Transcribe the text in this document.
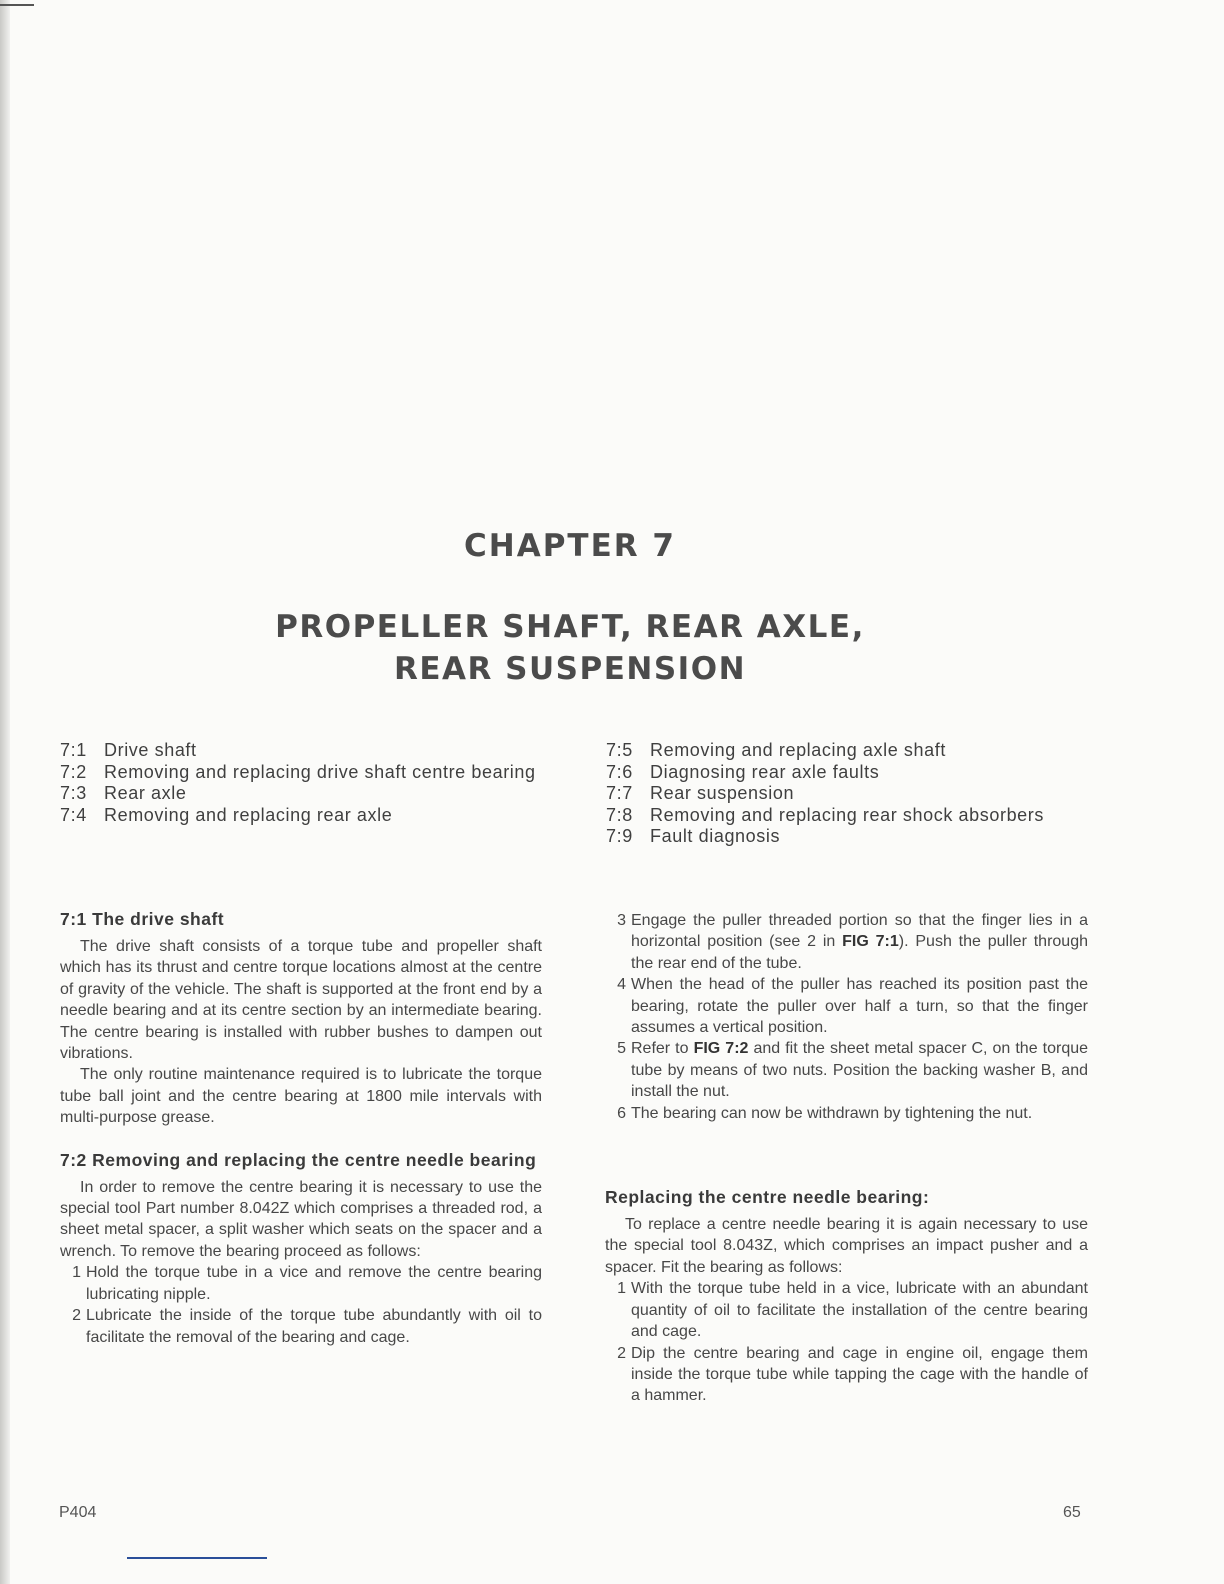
CHAPTER 7
PROPELLER SHAFT, REAR AXLE,
REAR SUSPENSION
7:1 Drive shaft
7:2 Removing and replacing drive shaft centre bearing
7:3 Rear axle
7:4 Removing and replacing rear axle
7:5 Removing and replacing axle shaft
7:6 Diagnosing rear axle faults
7:7 Rear suspension
7:8 Removing and replacing rear shock absorbers
7:9 Fault diagnosis
7:1 The drive shaft

The drive shaft consists of a torque tube and propeller shaft which has its thrust and centre torque locations almost at the centre of gravity of the vehicle. The shaft is supported at the front end by a needle bearing and at its centre section by an intermediate bearing. The centre bearing is installed with rubber bushes to dampen out vibrations.

The only routine maintenance required is to lubricate the torque tube ball joint and the centre bearing at 1800 mile intervals with multi-purpose grease.

7:2 Removing and replacing the centre needle bearing

In order to remove the centre bearing it is necessary to use the special tool Part number 8.042Z which comprises a threaded rod, a sheet metal spacer, a split washer which seats on the spacer and a wrench. To remove the bearing proceed as follows:

1 Hold the torque tube in a vice and remove the centre bearing lubricating nipple.
2 Lubricate the inside of the torque tube abundantly with oil to facilitate the removal of the bearing and cage.
3 Engage the puller threaded portion so that the finger lies in a horizontal position (see 2 in FIG 7:1). Push the puller through the rear end of the tube.
4 When the head of the puller has reached its position past the bearing, rotate the puller over half a turn, so that the finger assumes a vertical position.
5 Refer to FIG 7:2 and fit the sheet metal spacer C, on the torque tube by means of two nuts. Position the backing washer B, and install the nut.
6 The bearing can now be withdrawn by tightening the nut.
Replacing the centre needle bearing:

To replace a centre needle bearing it is again necessary to use the special tool 8.043Z, which comprises an impact pusher and a spacer. Fit the bearing as follows:

1 With the torque tube held in a vice, lubricate with an abundant quantity of oil to facilitate the installation of the centre bearing and cage.
2 Dip the centre bearing and cage in engine oil, engage them inside the torque tube while tapping the cage with the handle of a hammer.
P404	65
